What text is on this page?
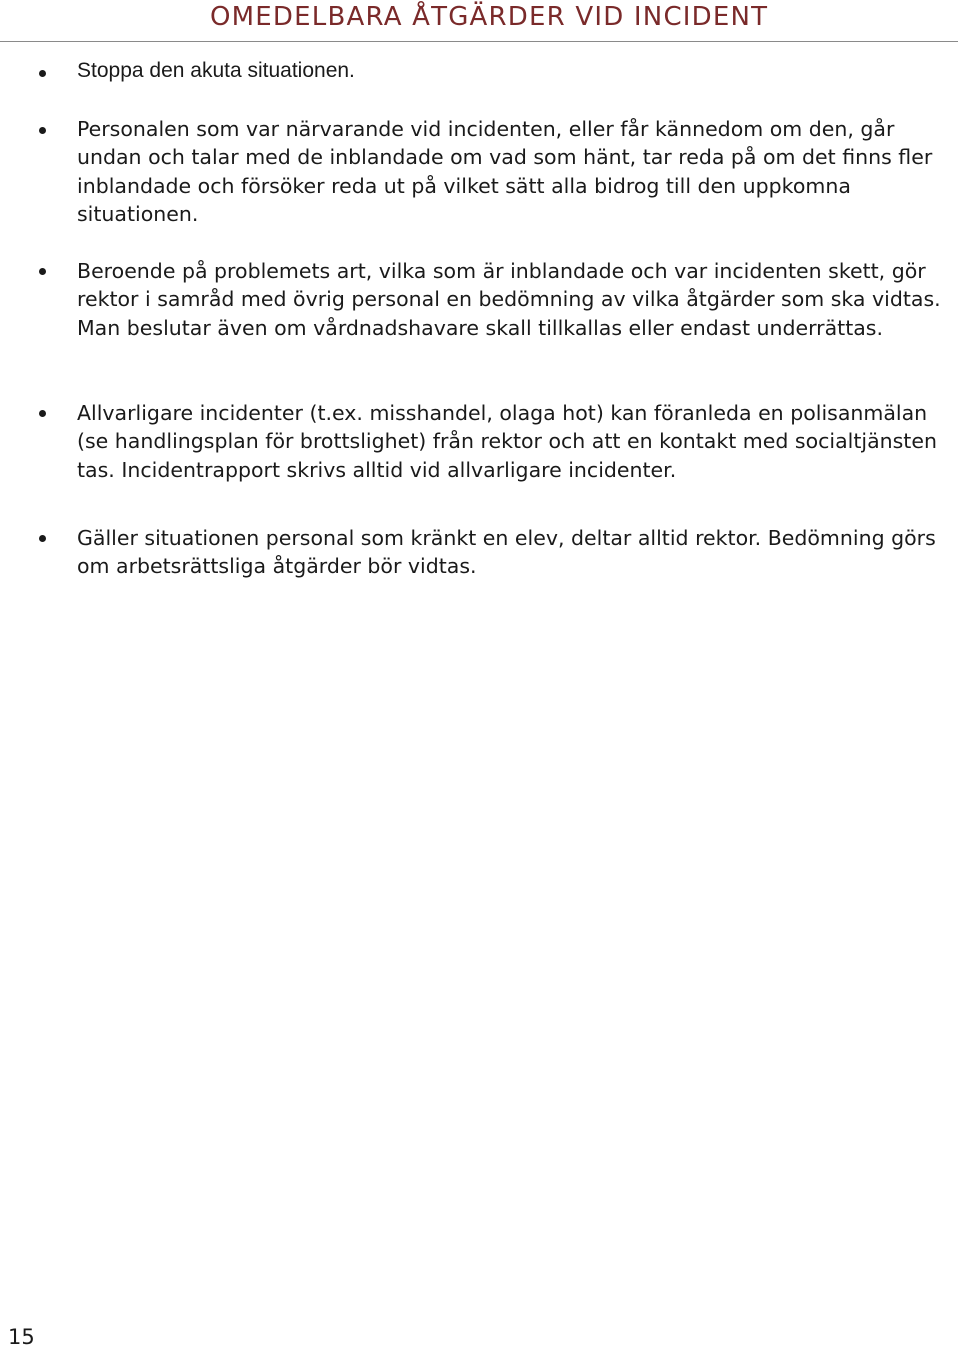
OMEDELBARA ÅTGÄRDER VID INCIDENT
Stoppa den akuta situationen.
Personalen som var närvarande vid incidenten, eller får kännedom om den, går undan och talar med de inblandade om vad som hänt, tar reda på om det finns fler inblandade och försöker reda ut på vilket sätt alla bidrog till den uppkomna situationen.
Beroende på problemets art, vilka som är inblandade och var incidenten skett, gör rektor i samråd med övrig personal en bedömning av vilka åtgärder som ska vidtas. Man beslutar även om vårdnadshavare skall tillkallas eller endast underrättas.
Allvarligare incidenter (t.ex. misshandel, olaga hot) kan föranleda en polisanmälan (se handlingsplan för brottslighet) från rektor och att en kontakt med socialtjänsten tas. Incidentrapport skrivs alltid vid allvarligare incidenter.
Gäller situationen personal som kränkt en elev, deltar alltid rektor. Bedömning görs om arbetsrättsliga åtgärder bör vidtas.
15
